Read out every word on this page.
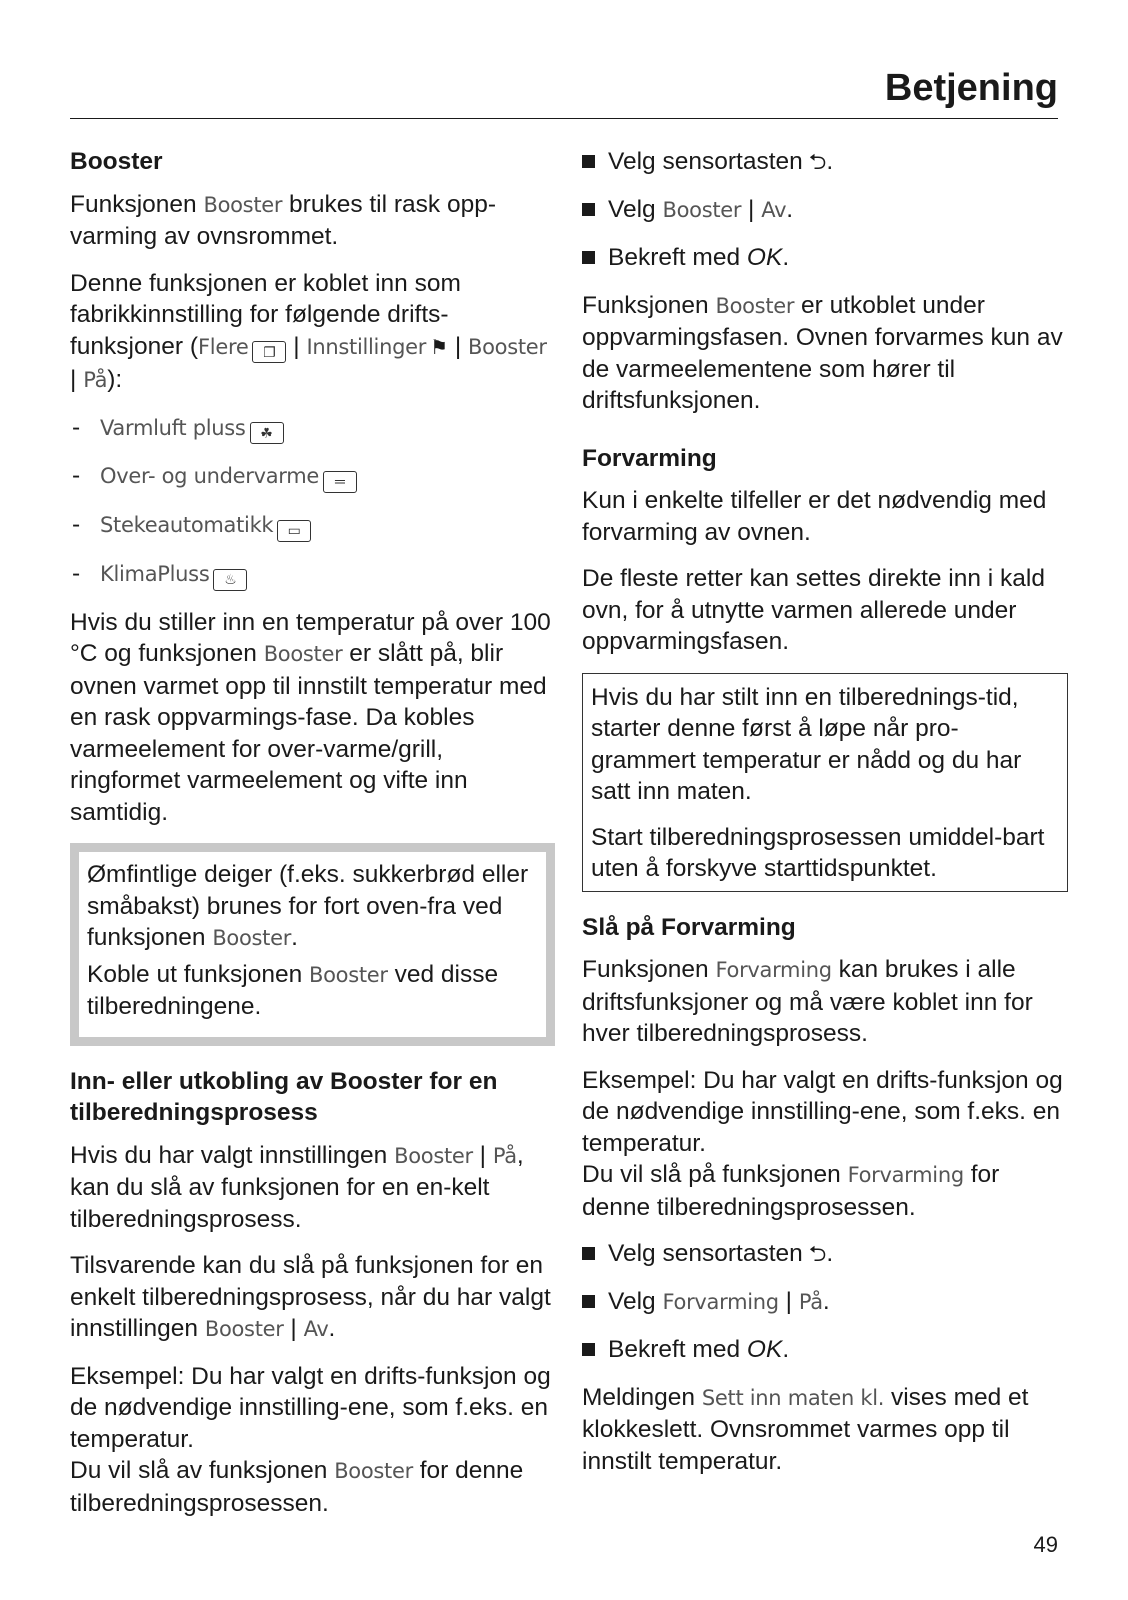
Betjening

Booster

Funksjonen Booster brukes til rask opp-varming av ovnsrommet.

Denne funksjonen er koblet inn som fabrikkinnstilling for følgende drifts-funksjoner (Flere ❐ | Innstillinger ⚑ | Booster | På):

- Varmluft pluss ☘
- Over- og undervarme ═
- Stekeautomatikk ▭
- KlimaPluss ♨

Hvis du stiller inn en temperatur på over 100 °C og funksjonen Booster er slått på, blir ovnen varmet opp til innstilt temperatur med en rask oppvarmings-fase. Da kobles varmeelement for over-varme/grill, ringformet varmeelement og vifte inn samtidig.

Ømfintlige deiger (f.eks. sukkerbrød eller småbakst) brunes for fort oven-fra ved funksjonen Booster.

Koble ut funksjonen Booster ved disse tilberedningene.

Inn- eller utkobling av Booster for en tilberedningsprosess

Hvis du har valgt innstillingen Booster | På, kan du slå av funksjonen for en en-kelt tilberedningsprosess.

Tilsvarende kan du slå på funksjonen for en enkelt tilberedningsprosess, når du har valgt innstillingen Booster | Av.

Eksempel: Du har valgt en drifts-funksjon og de nødvendige innstilling-ene, som f.eks. en temperatur.
Du vil slå av funksjonen Booster for denne tilberedningsprosessen.

Velg sensortasten ⮌.
Velg Booster | Av.
Bekreft med OK.

Funksjonen Booster er utkoblet under oppvarmingsfasen. Ovnen forvarmes kun av de varmeelementene som hører til driftsfunksjonen.

Forvarming

Kun i enkelte tilfeller er det nødvendig med forvarming av ovnen.

De fleste retter kan settes direkte inn i kald ovn, for å utnytte varmen allerede under oppvarmingsfasen.

Hvis du har stilt inn en tilberednings-tid, starter denne først å løpe når pro-grammert temperatur er nådd og du har satt inn maten.

Start tilberedningsprosessen umiddel-bart uten å forskyve starttidspunktet.

Slå på Forvarming

Funksjonen Forvarming kan brukes i alle driftsfunksjoner og må være koblet inn for hver tilberedningsprosess.

Eksempel: Du har valgt en drifts-funksjon og de nødvendige innstilling-ene, som f.eks. en temperatur.
Du vil slå på funksjonen Forvarming for denne tilberedningsprosessen.

Velg sensortasten ⮌.
Velg Forvarming | På.
Bekreft med OK.

Meldingen Sett inn maten kl. vises med et klokkeslett. Ovnsrommet varmes opp til innstilt temperatur.

49
